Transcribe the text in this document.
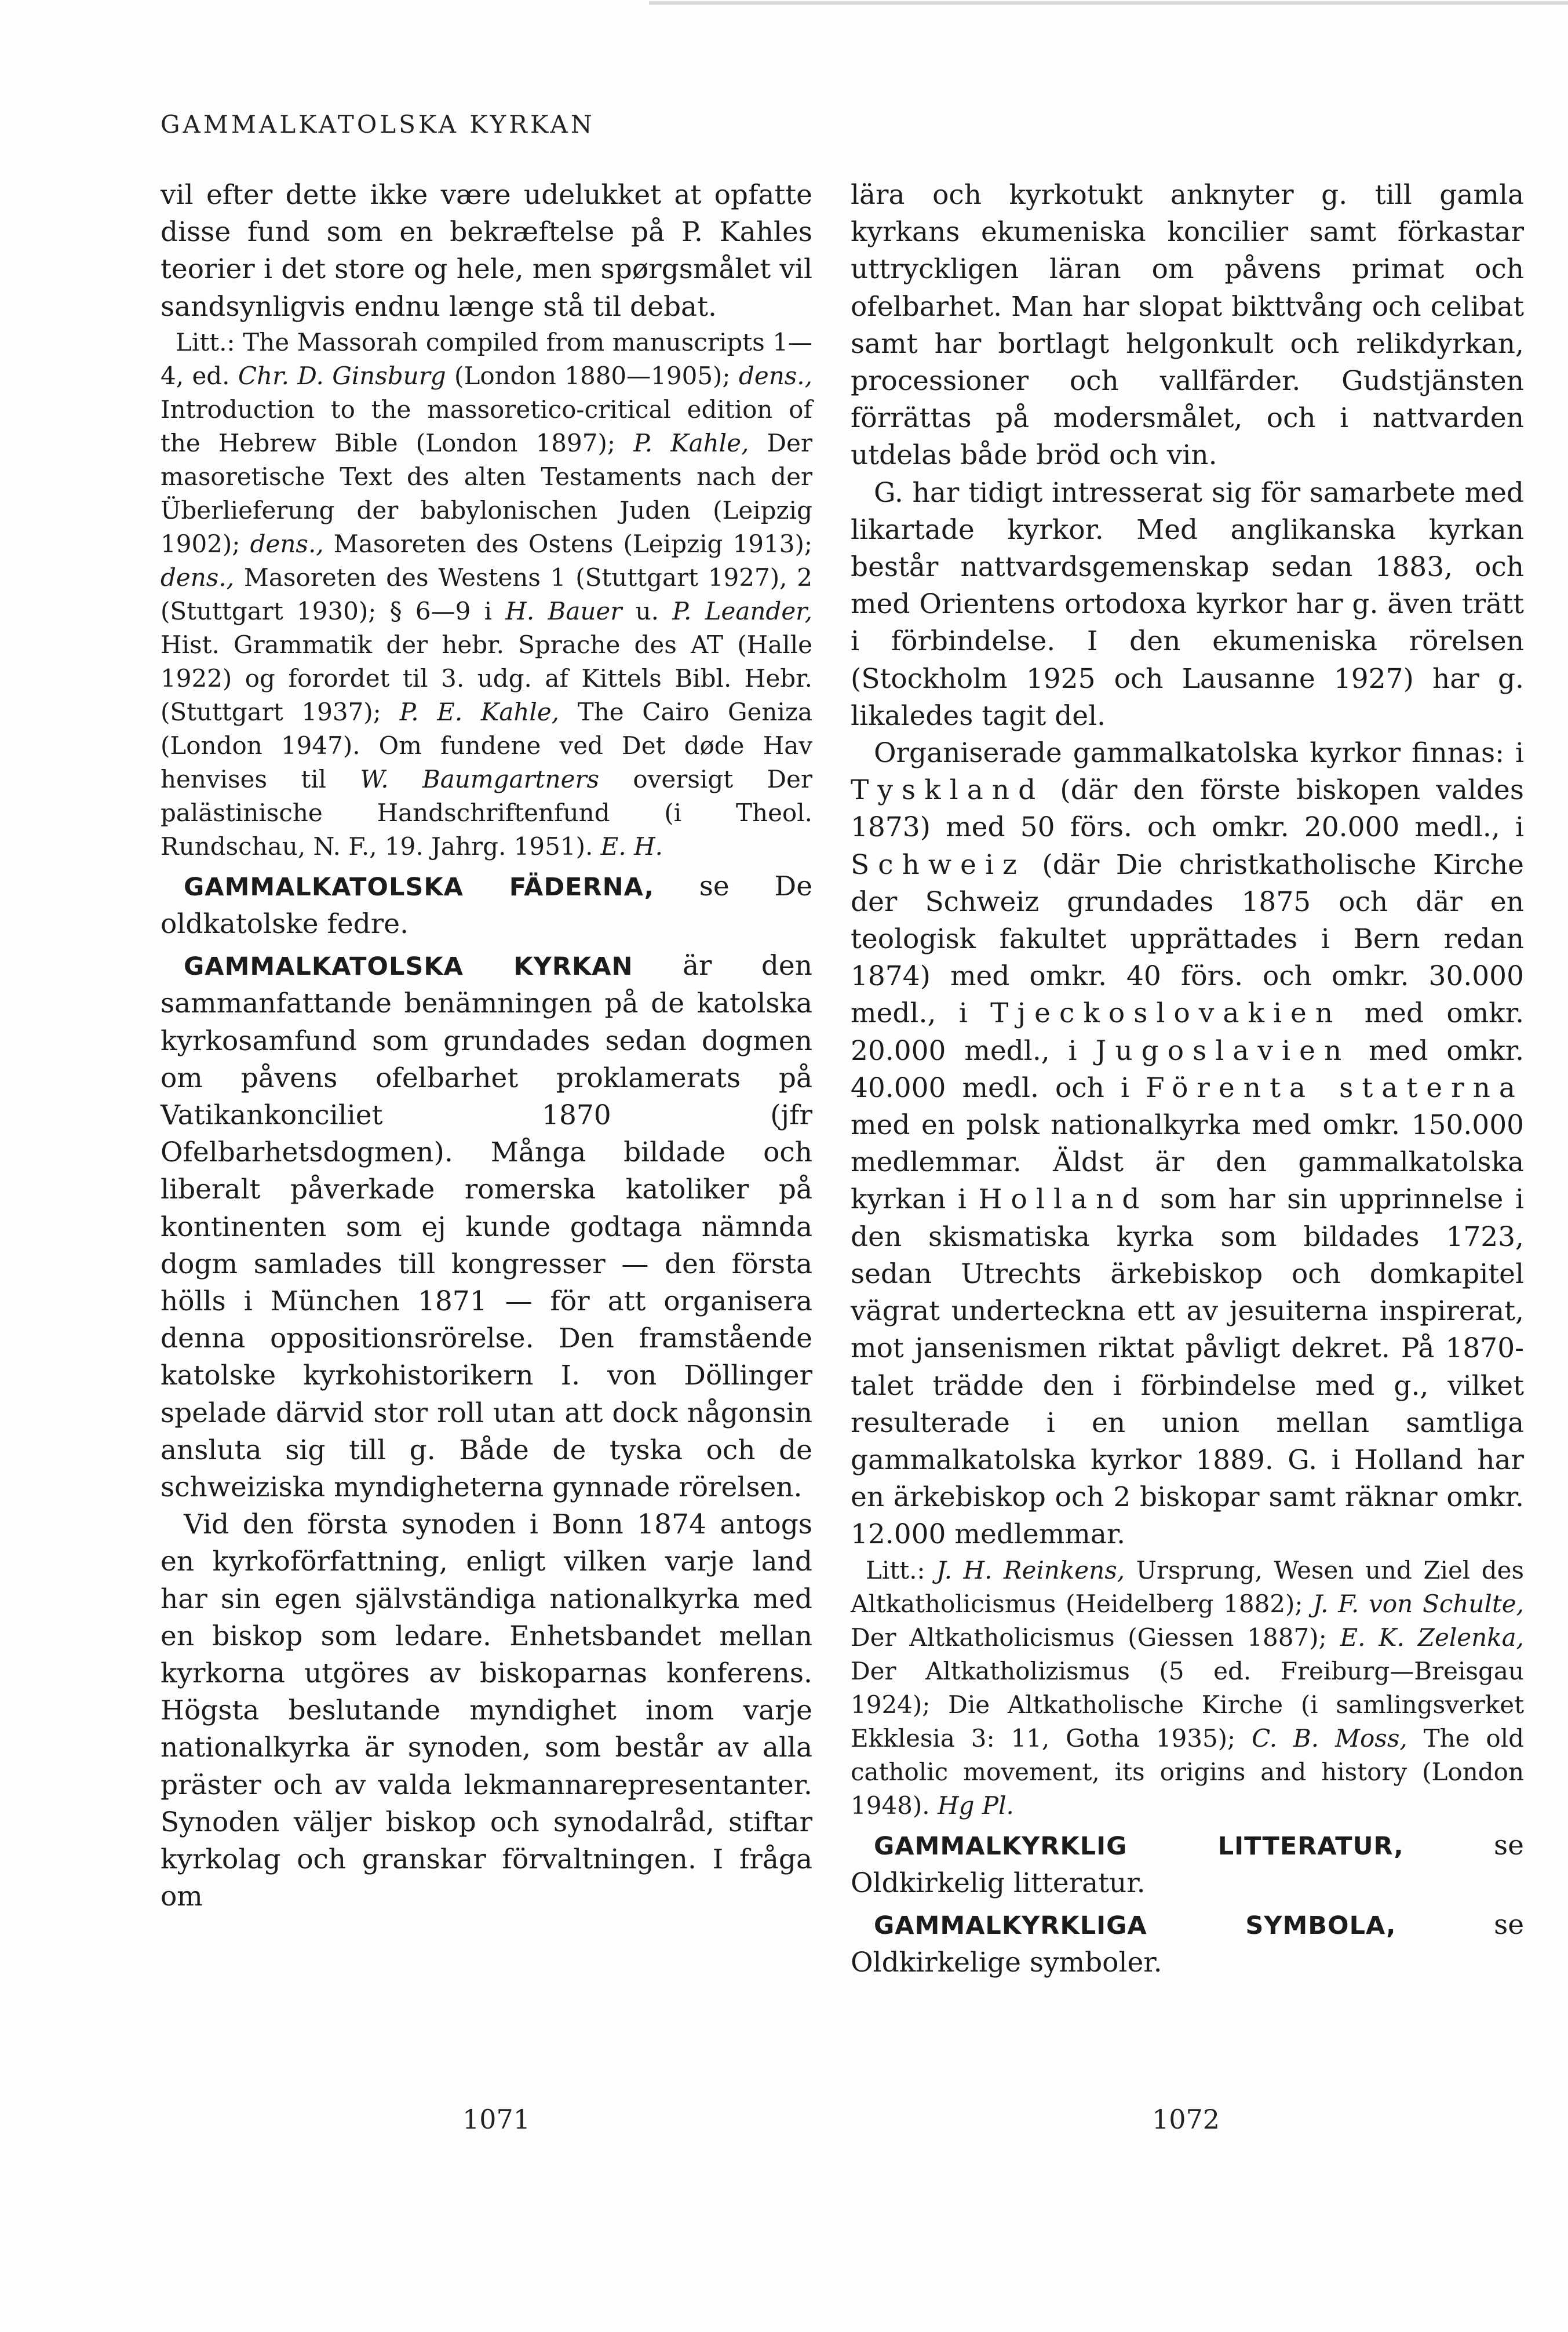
GAMMALKATOLSKA KYRKAN

vil efter dette ikke være udelukket at opfatte disse fund som en bekræftelse på P. Kahles teorier i det store og hele, men spørgsmålet vil sandsynligvis endnu længe stå til debat.

Litt.: The Massorah compiled from manuscripts 1—4, ed. Chr. D. Ginsburg (London 1880—1905); dens., Introduction to the massoretico-critical edition of the Hebrew Bible (London 1897); P. Kahle, Der masoretische Text des alten Testaments nach der Überlieferung der babylonischen Juden (Leipzig 1902); dens., Masoreten des Ostens (Leipzig 1913); dens., Masoreten des Westens 1 (Stuttgart 1927), 2 (Stuttgart 1930); § 6—9 i H. Bauer u. P. Leander, Hist. Grammatik der hebr. Sprache des AT (Halle 1922) og forordet til 3. udg. af Kittels Bibl. Hebr. (Stuttgart 1937); P. E. Kahle, The Cairo Geniza (London 1947). Om fundene ved Det døde Hav henvises til W. Baumgartners oversigt Der palästinische Handschriftenfund (i Theol. Rundschau, N. F., 19. Jahrg. 1951). E. H.

GAMMALKATOLSKA FÄDERNA, se De oldkatolske fedre.

GAMMALKATOLSKA KYRKAN är den sammanfattande benämningen på de katolska kyrkosamfund som grundades sedan dogmen om påvens ofelbarhet proklamerats på Vatikankonciliet 1870 (jfr Ofelbarhetsdogmen). Många bildade och liberalt påverkade romerska katoliker på kontinenten som ej kunde godtaga nämnda dogm samlades till kongresser — den första hölls i München 1871 — för att organisera denna oppositionsrörelse. Den framstående katolske kyrkohistorikern I. von Döllinger spelade därvid stor roll utan att dock någonsin ansluta sig till g. Både de tyska och de schweiziska myndigheterna gynnade rörelsen.

Vid den första synoden i Bonn 1874 antogs en kyrkoförfattning, enligt vilken varje land har sin egen självständiga nationalkyrka med en biskop som ledare. Enhetsbandet mellan kyrkorna utgöres av biskoparnas konferens. Högsta beslutande myndighet inom varje nationalkyrka är synoden, som består av alla präster och av valda lekmannarepresentanter. Synoden väljer biskop och synodalråd, stiftar kyrkolag och granskar förvaltningen. I fråga om

lära och kyrkotukt anknyter g. till gamla kyrkans ekumeniska koncilier samt förkastar uttryckligen läran om påvens primat och ofelbarhet. Man har slopat bikttvång och celibat samt har bortlagt helgonkult och relikdyrkan, processioner och vallfärder. Gudstjänsten förrättas på modersmålet, och i nattvarden utdelas både bröd och vin.

G. har tidigt intresserat sig för samarbete med likartade kyrkor. Med anglikanska kyrkan består nattvardsgemenskap sedan 1883, och med Orientens ortodoxa kyrkor har g. även trätt i förbindelse. I den ekumeniska rörelsen (Stockholm 1925 och Lausanne 1927) har g. likaledes tagit del.

Organiserade gammalkatolska kyrkor finnas: i Tyskland (där den förste biskopen valdes 1873) med 50 förs. och omkr. 20.000 medl., i Schweiz (där Die christkatholische Kirche der Schweiz grundades 1875 och där en teologisk fakultet upprättades i Bern redan 1874) med omkr. 40 förs. och omkr. 30.000 medl., i Tjeckoslovakien med omkr. 20.000 medl., i Jugoslavien med omkr. 40.000 medl. och i Förenta staterna med en polsk nationalkyrka med omkr. 150.000 medlemmar. Äldst är den gammalkatolska kyrkan i Holland som har sin upprinnelse i den skismatiska kyrka som bildades 1723, sedan Utrechts ärkebiskop och domkapitel vägrat underteckna ett av jesuiterna inspirerat, mot jansenismen riktat påvligt dekret. På 1870-talet trädde den i förbindelse med g., vilket resulterade i en union mellan samtliga gammalkatolska kyrkor 1889. G. i Holland har en ärkebiskop och 2 biskopar samt räknar omkr. 12.000 medlemmar.

Litt.: J. H. Reinkens, Ursprung, Wesen und Ziel des Altkatholicismus (Heidelberg 1882); J. F. von Schulte, Der Altkatholicismus (Giessen 1887); E. K. Zelenka, Der Altkatholizismus (5 ed. Freiburg—Breisgau 1924); Die Altkatholische Kirche (i samlingsverket Ekklesia 3: 11, Gotha 1935); C. B. Moss, The old catholic movement, its origins and history (London 1948). Hg Pl.

GAMMALKYRKLIG LITTERATUR, se Oldkirkelig litteratur.

GAMMALKYRKLIGA SYMBOLA, se Oldkirkelige symboler.

1071	1072
